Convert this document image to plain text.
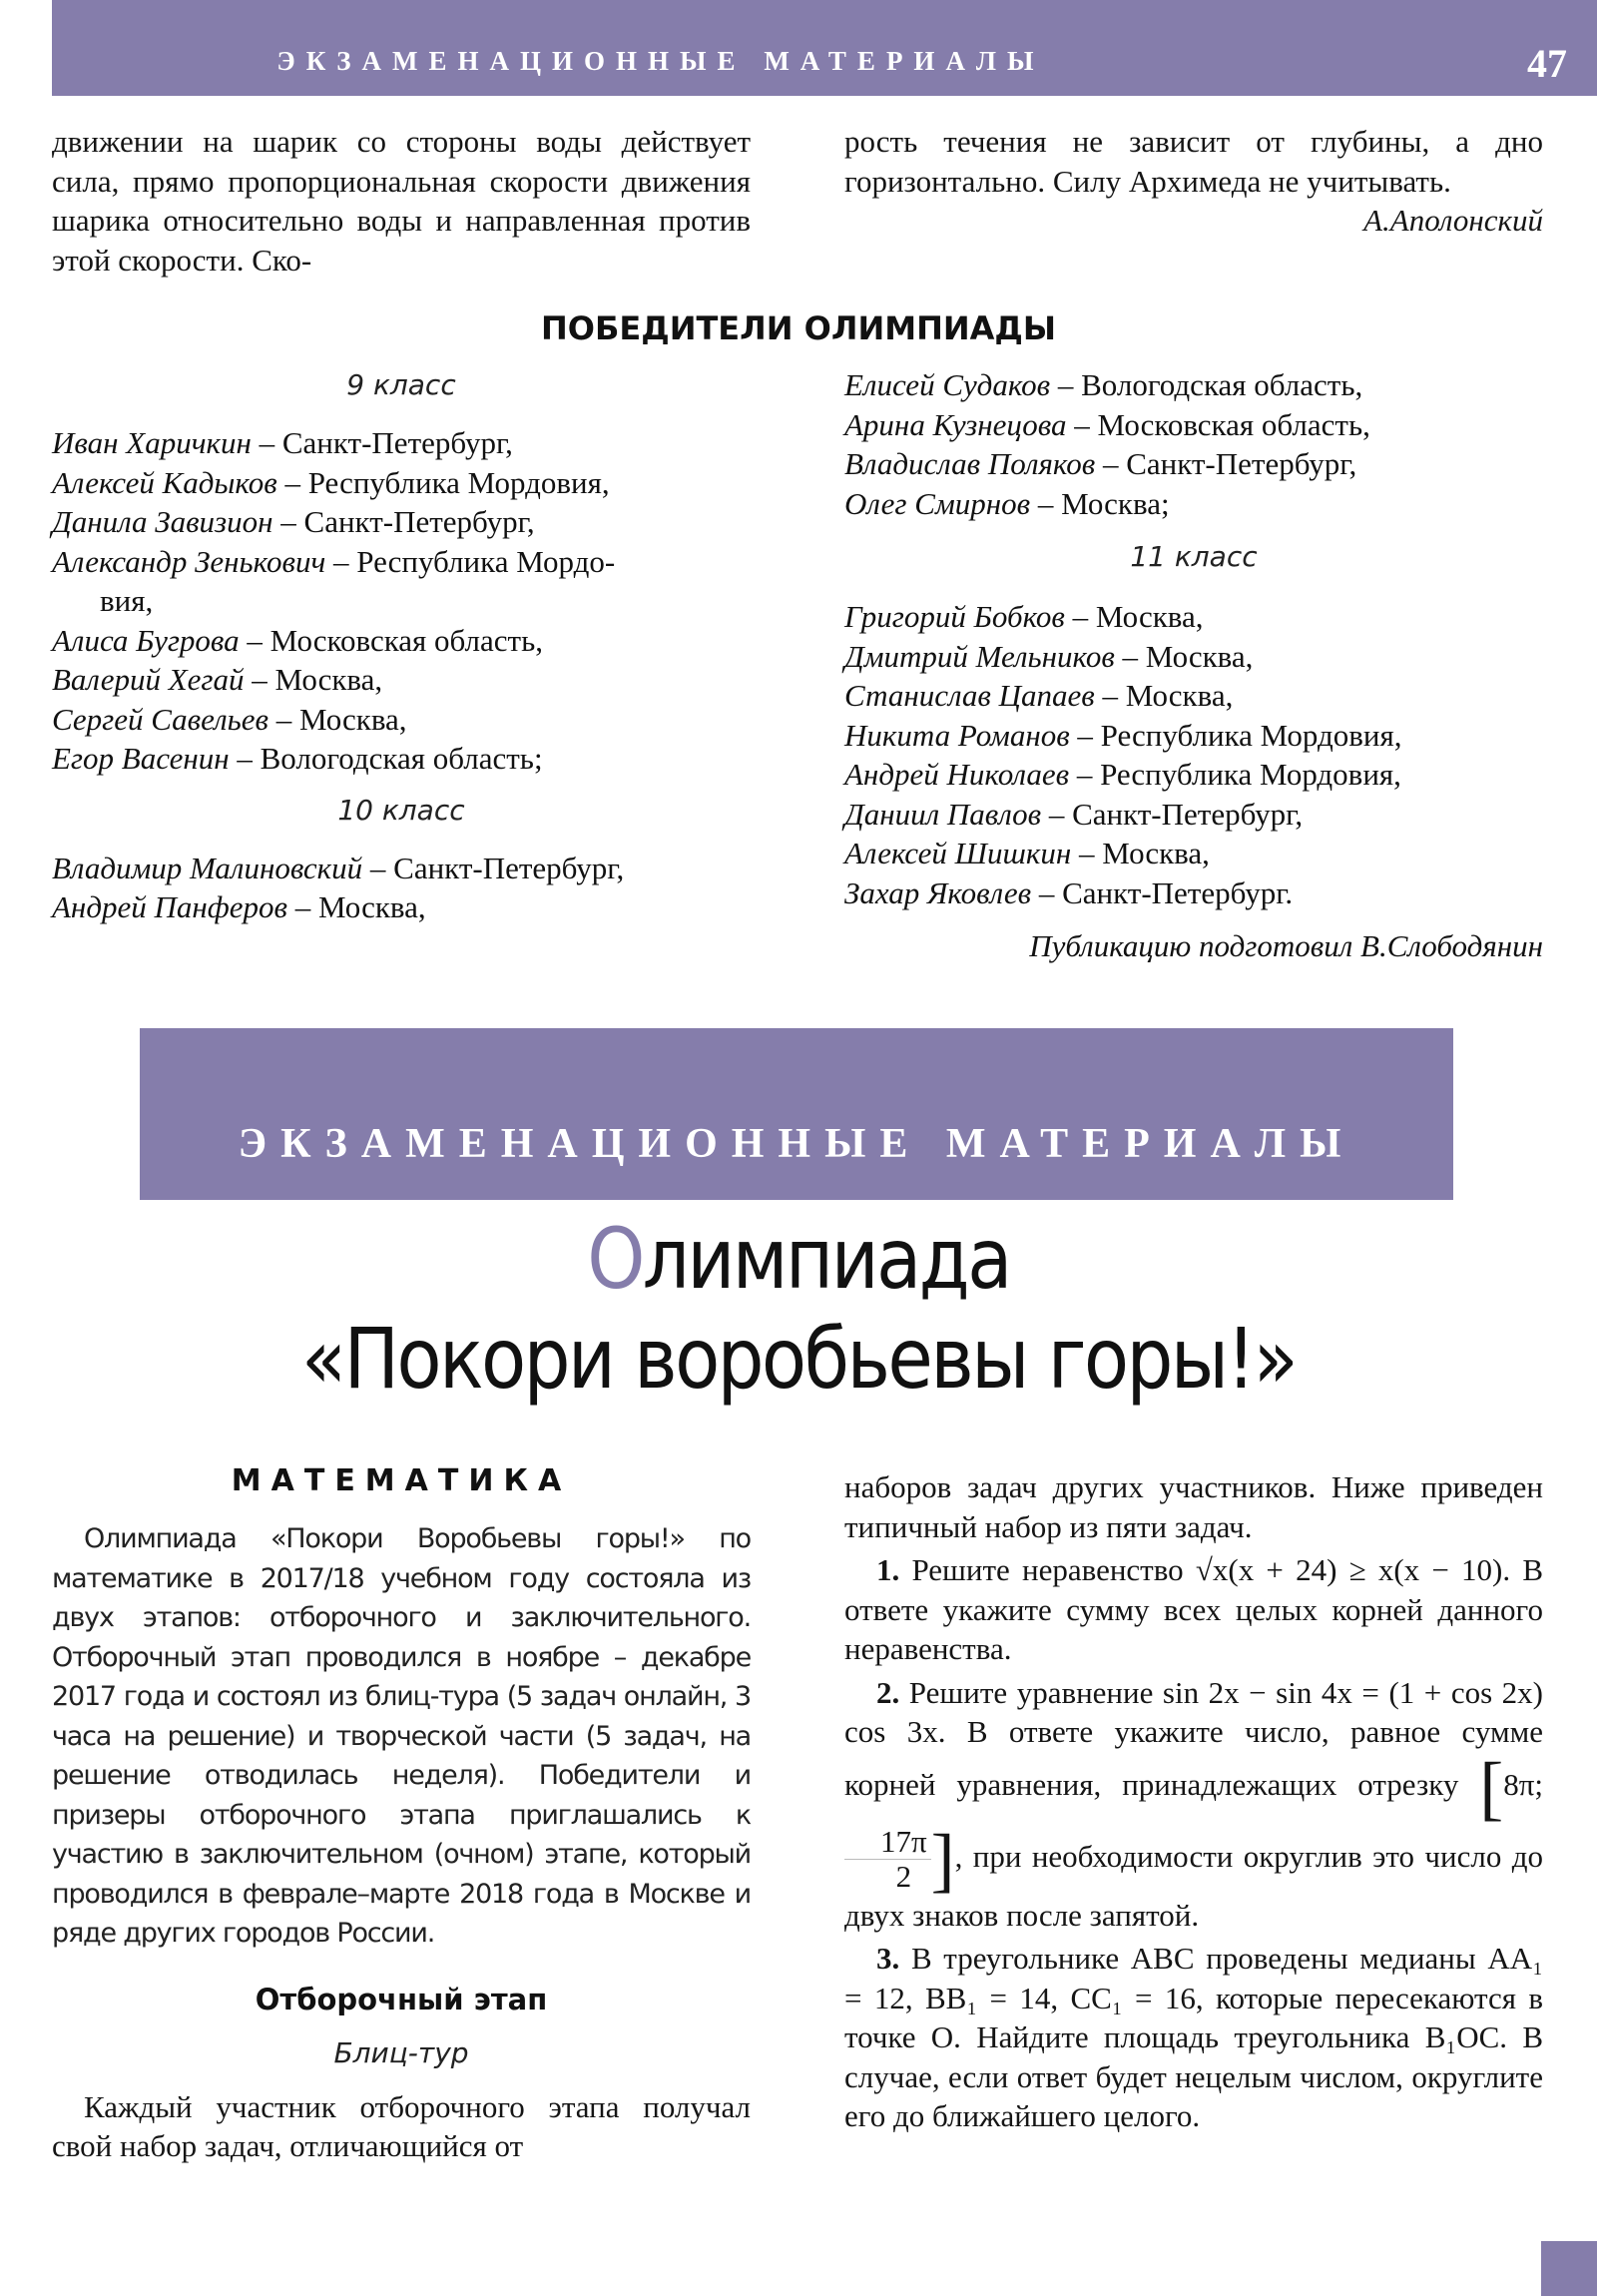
ЭКЗАМЕНАЦИОННЫЕ МАТЕРИАЛЫ	47
движении на шарик со стороны воды действует сила, прямо пропорциональная скорости движения шарика относительно воды и направленная против этой скорости. Ско-
рость течения не зависит от глубины, а дно горизонтально. Силу Архимеда не учитывать.
А.Аполонский
ПОБЕДИТЕЛИ ОЛИМПИАДЫ
9 класс
Иван Харичкин – Санкт-Петербург,
Алексей Кадыков – Республика Мордовия,
Данила Завизион – Санкт-Петербург,
Александр Зенькович – Республика Мордо-
вия,
Алиса Бугрова – Московская область,
Валерий Хегай – Москва,
Сергей Савельев – Москва,
Егор Васенин – Вологодская область;
10 класс
Владимир Малиновский – Санкт-Петербург,
Андрей Панферов – Москва,
Елисей Судаков – Вологодская область,
Арина Кузнецова – Московская область,
Владислав Поляков – Санкт-Петербург,
Олег Смирнов – Москва;
11 класс
Григорий Бобков – Москва,
Дмитрий Мельников – Москва,
Станислав Цапаев – Москва,
Никита Романов – Республика Мордовия,
Андрей Николаев – Республика Мордовия,
Даниил Павлов – Санкт-Петербург,
Алексей Шишкин – Москва,
Захар Яковлев – Санкт-Петербург.
Публикацию подготовил В.Слободянин
ЭКЗАМЕНАЦИОННЫЕ МАТЕРИАЛЫ
Олимпиада
«Покори воробьевы горы!»
МАТЕМАТИКА

Олимпиада «Покори Воробьевы горы!» по математике в 2017/18 учебном году состояла из двух этапов: отборочного и заключительного. Отборочный этап проводился в ноябре – декабре 2017 года и состоял из блиц-тура (5 задач онлайн, 3 часа на решение) и творческой части (5 задач, на решение отводилась неделя). Победители и призеры отборочного этапа приглашались к участию в заключительном (очном) этапе, который проводился в феврале–марте 2018 года в Москве и ряде других городов России.

Отборочный этап
Блиц-тур

Каждый участник отборочного этапа получал свой набор задач, отличающийся от

наборов задач других участников. Ниже приведен типичный набор из пяти задач.

1. Решите неравенство √x(x + 24) ≥ x(x − 10). В ответе укажите сумму всех целых корней данного неравенства.

2. Решите уравнение sin 2x − sin 4x = (1 + cos 2x) cos 3x. В ответе укажите число, равное сумме корней уравнения, принадлежащих отрезку [8π;
$\frac{17\pi}{2}$ ], при необходимости округлив это число до двух знаков после запятой.

3. В треугольнике ABC проведены медианы AA₁ = 12, BB₁ = 14, CC₁ = 16, которые пересекаются в точке O. Найдите площадь треугольника B₁OC. В случае, если ответ будет нецелым числом, округлите его до ближайшего целого.
